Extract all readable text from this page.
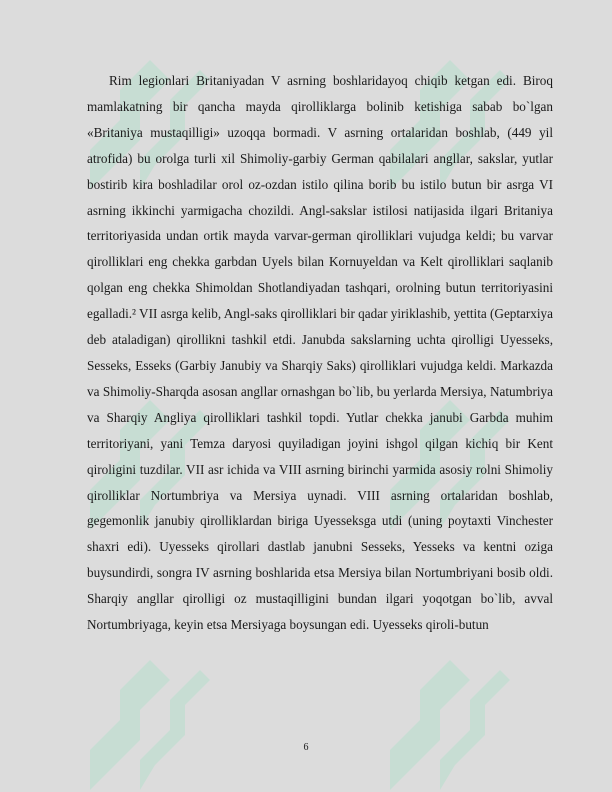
Rim legionlari Britaniyadan V asrning boshlaridayoq chiqib ketgan edi. Biroq mamlakatning bir qancha mayda qirolliklarga bolinib ketishiga sabab bo`lgan «Britaniya mustaqilligi» uzoqqa bormadi. V asrning ortalaridan boshlab, (449 yil atrofida) bu orolga turli xil Shimoliy-garbiy German qabilalari angllar, sakslar, yutlar bostirib kira boshladilar orol oz-ozdan istilo qilina borib bu istilo butun bir asrga VI asrning ikkinchi yarmigacha chozildi. Angl-sakslar istilosi natijasida ilgari Britaniya territoriyasida undan ortik mayda varvar-german qirolliklari vujudga keldi; bu varvar qirolliklari eng chekka garbdan Uyels bilan Kornuyeldan va Kelt qirolliklari saqlanib qolgan eng chekka Shimoldan Shotlandiyadan tashqari, orolning butun territoriyasini egalladi.² VII asrga kelib, Angl-saks qirolliklari bir qadar yiriklashib, yettita (Geptarxiya deb ataladigan) qirollikni tashkil etdi. Janubda sakslarning uchta qirolligi Uyesseks, Sesseks, Esseks (Garbiy Janubiy va Sharqiy Saks) qirolliklari vujudga keldi. Markazda va Shimoliy-Sharqda asosan angllar ornashgan bo`lib, bu yerlarda Mersiya, Natumbriya va Sharqiy Angliya qirolliklari tashkil topdi. Yutlar chekka janubi Garbda muhim territoriyani, yani Temza daryosi quyiladigan joyini ishgol qilgan kichiq bir Kent qiroligini tuzdilar. VII asr ichida va VIII asrning birinchi yarmida asosiy rolni Shimoliy qirolliklar Nortumbriya va Mersiya uynadi. VIII asrning ortalaridan boshlab, gegemonlik janubiy qirolliklardan biriga Uyesseksga utdi (uning poytaxti Vinchester shaxri edi). Uyesseks qirollari dastlab janubni Sesseks, Yesseks va kentni oziga buysundirdi, songra IV asrning boshlarida etsa Mersiya bilan Nortumbriyani bosib oldi. Sharqiy angllar qirolligi oz mustaqilligini bundan ilgari yoqotgan bo`lib, avval Nortumbriyaga, keyin etsa Mersiyaga boysungan edi. Uyesseks qiroli-butun

6
